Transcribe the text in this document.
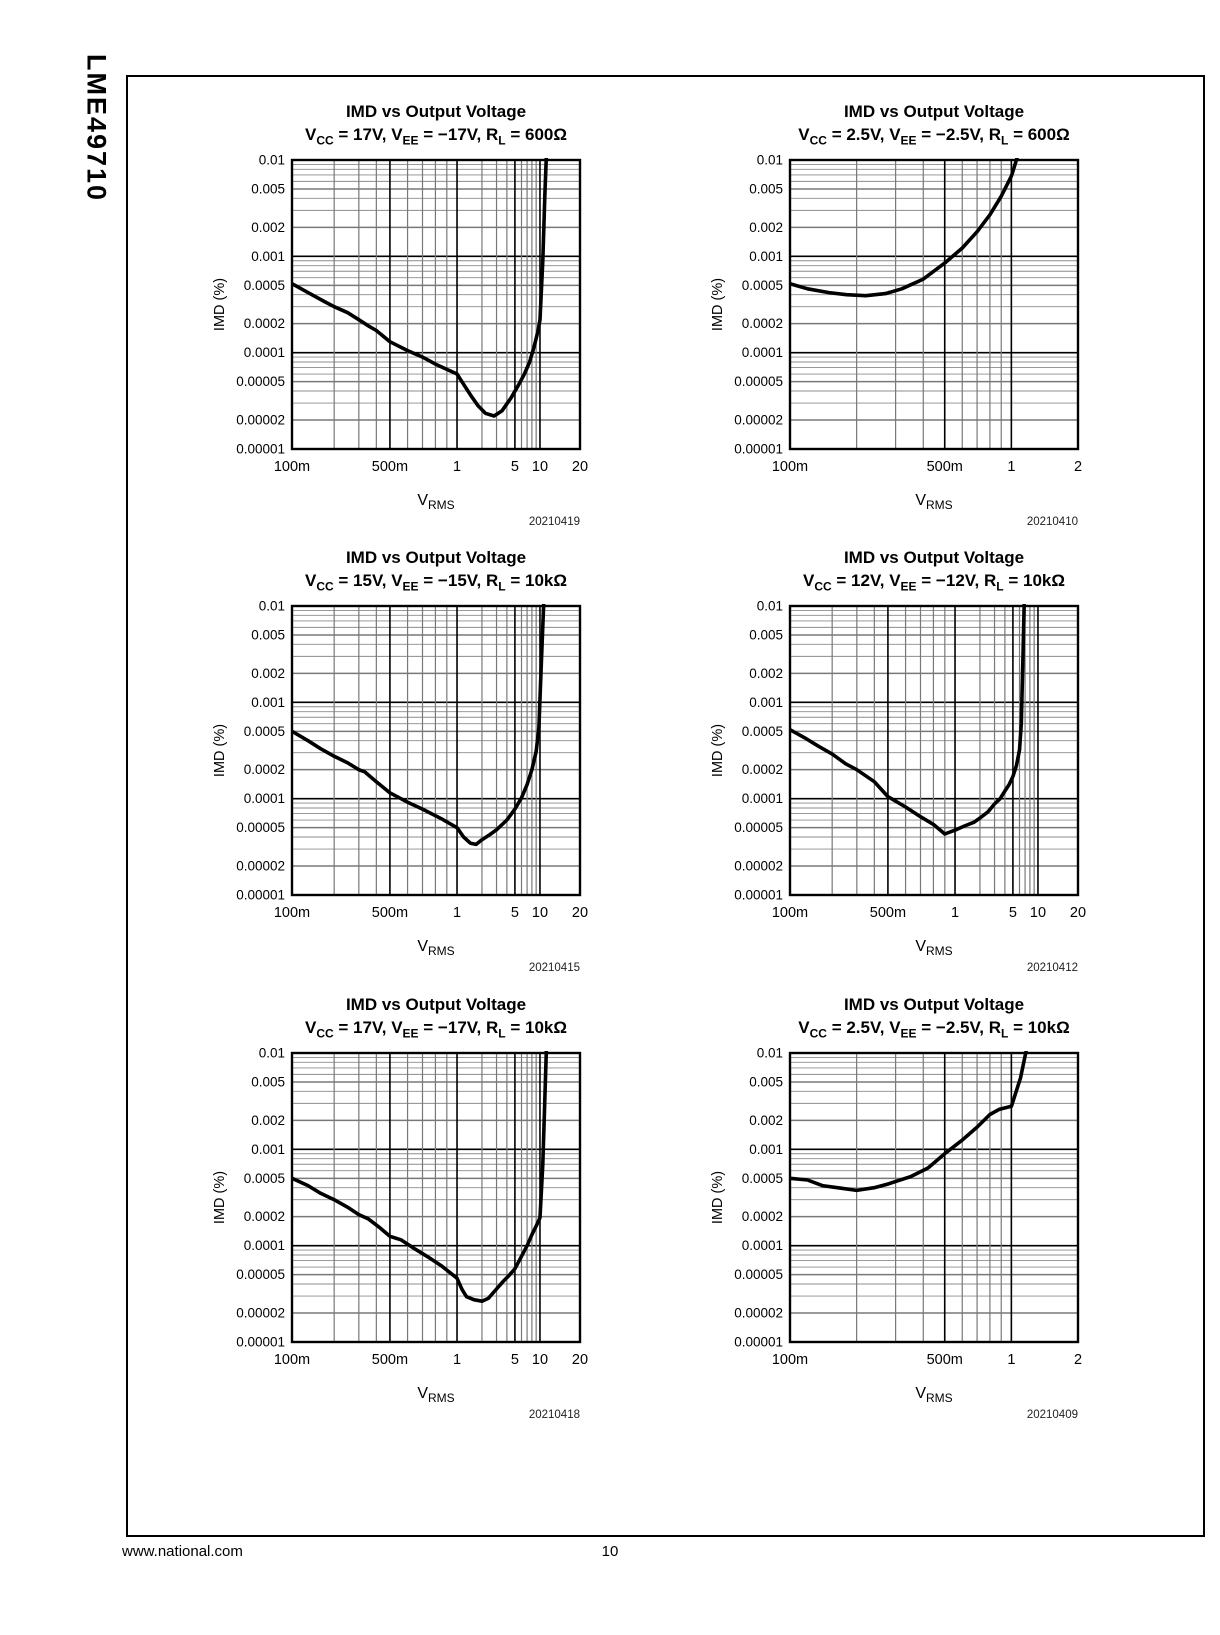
LME49710	IMD vs Output Voltage
$V_{CC} = 17V$, $V_{EE} = -17V$, $R_L = 600\Omega$
0.01
0.005
0.002
0.001
0.0005
0.0002
0.0001
0.00005
0.00002
0.00001
100m	500m	1	5 10 20
IMD (%)
$V_{RMS}$
20210419
IMD vs Output Voltage
$V_{CC} = 2.5V$, $V_{EE} = -2.5V$, $R_L = 600\Omega$
0.01
0.005
0.002
0.001
0.0005
0.0002
0.0001
0.00005
0.00002
0.00001
100m	500m	1	2
IMD (%)
$V_{RMS}$
20210410
IMD vs Output Voltage
$V_{CC} = 15V$, $V_{EE} = -15V$, $R_L = 10k\Omega$
0.01
0.005
0.002
0.001
0.0005
0.0002
0.0001
0.00005
0.00002
0.00001
100m	500m	1	5 10 20
IMD (%)
$V_{RMS}$
20210415
IMD vs Output Voltage
$V_{CC} = 12V$, $V_{EE} = -12V$, $R_L = 10k\Omega$
0.01
0.005
0.002
0.001
0.0005
0.0002
0.0001
0.00005
0.00002
0.00001
100m	500m	1	5 10 20
IMD (%)
$V_{RMS}$
20210412
IMD vs Output Voltage
$V_{CC} = 17V$, $V_{EE} = -17V$, $R_L = 10k\Omega$
0.01
0.005
0.002
0.001
0.0005
0.0002
0.0001
0.00005
0.00002
0.00001
100m	500m	1	5 10 20
IMD (%)
$V_{RMS}$
20210418
IMD vs Output Voltage
$V_{CC} = 2.5V$, $V_{EE} = -2.5V$, $R_L = 10k\Omega$
0.01
0.005
0.002
0.001
0.0005
0.0002
0.0001
0.00005
0.00002
0.00001
100m	500m	1	2
IMD (%)
$V_{RMS}$
20210409
www.national.com	10
